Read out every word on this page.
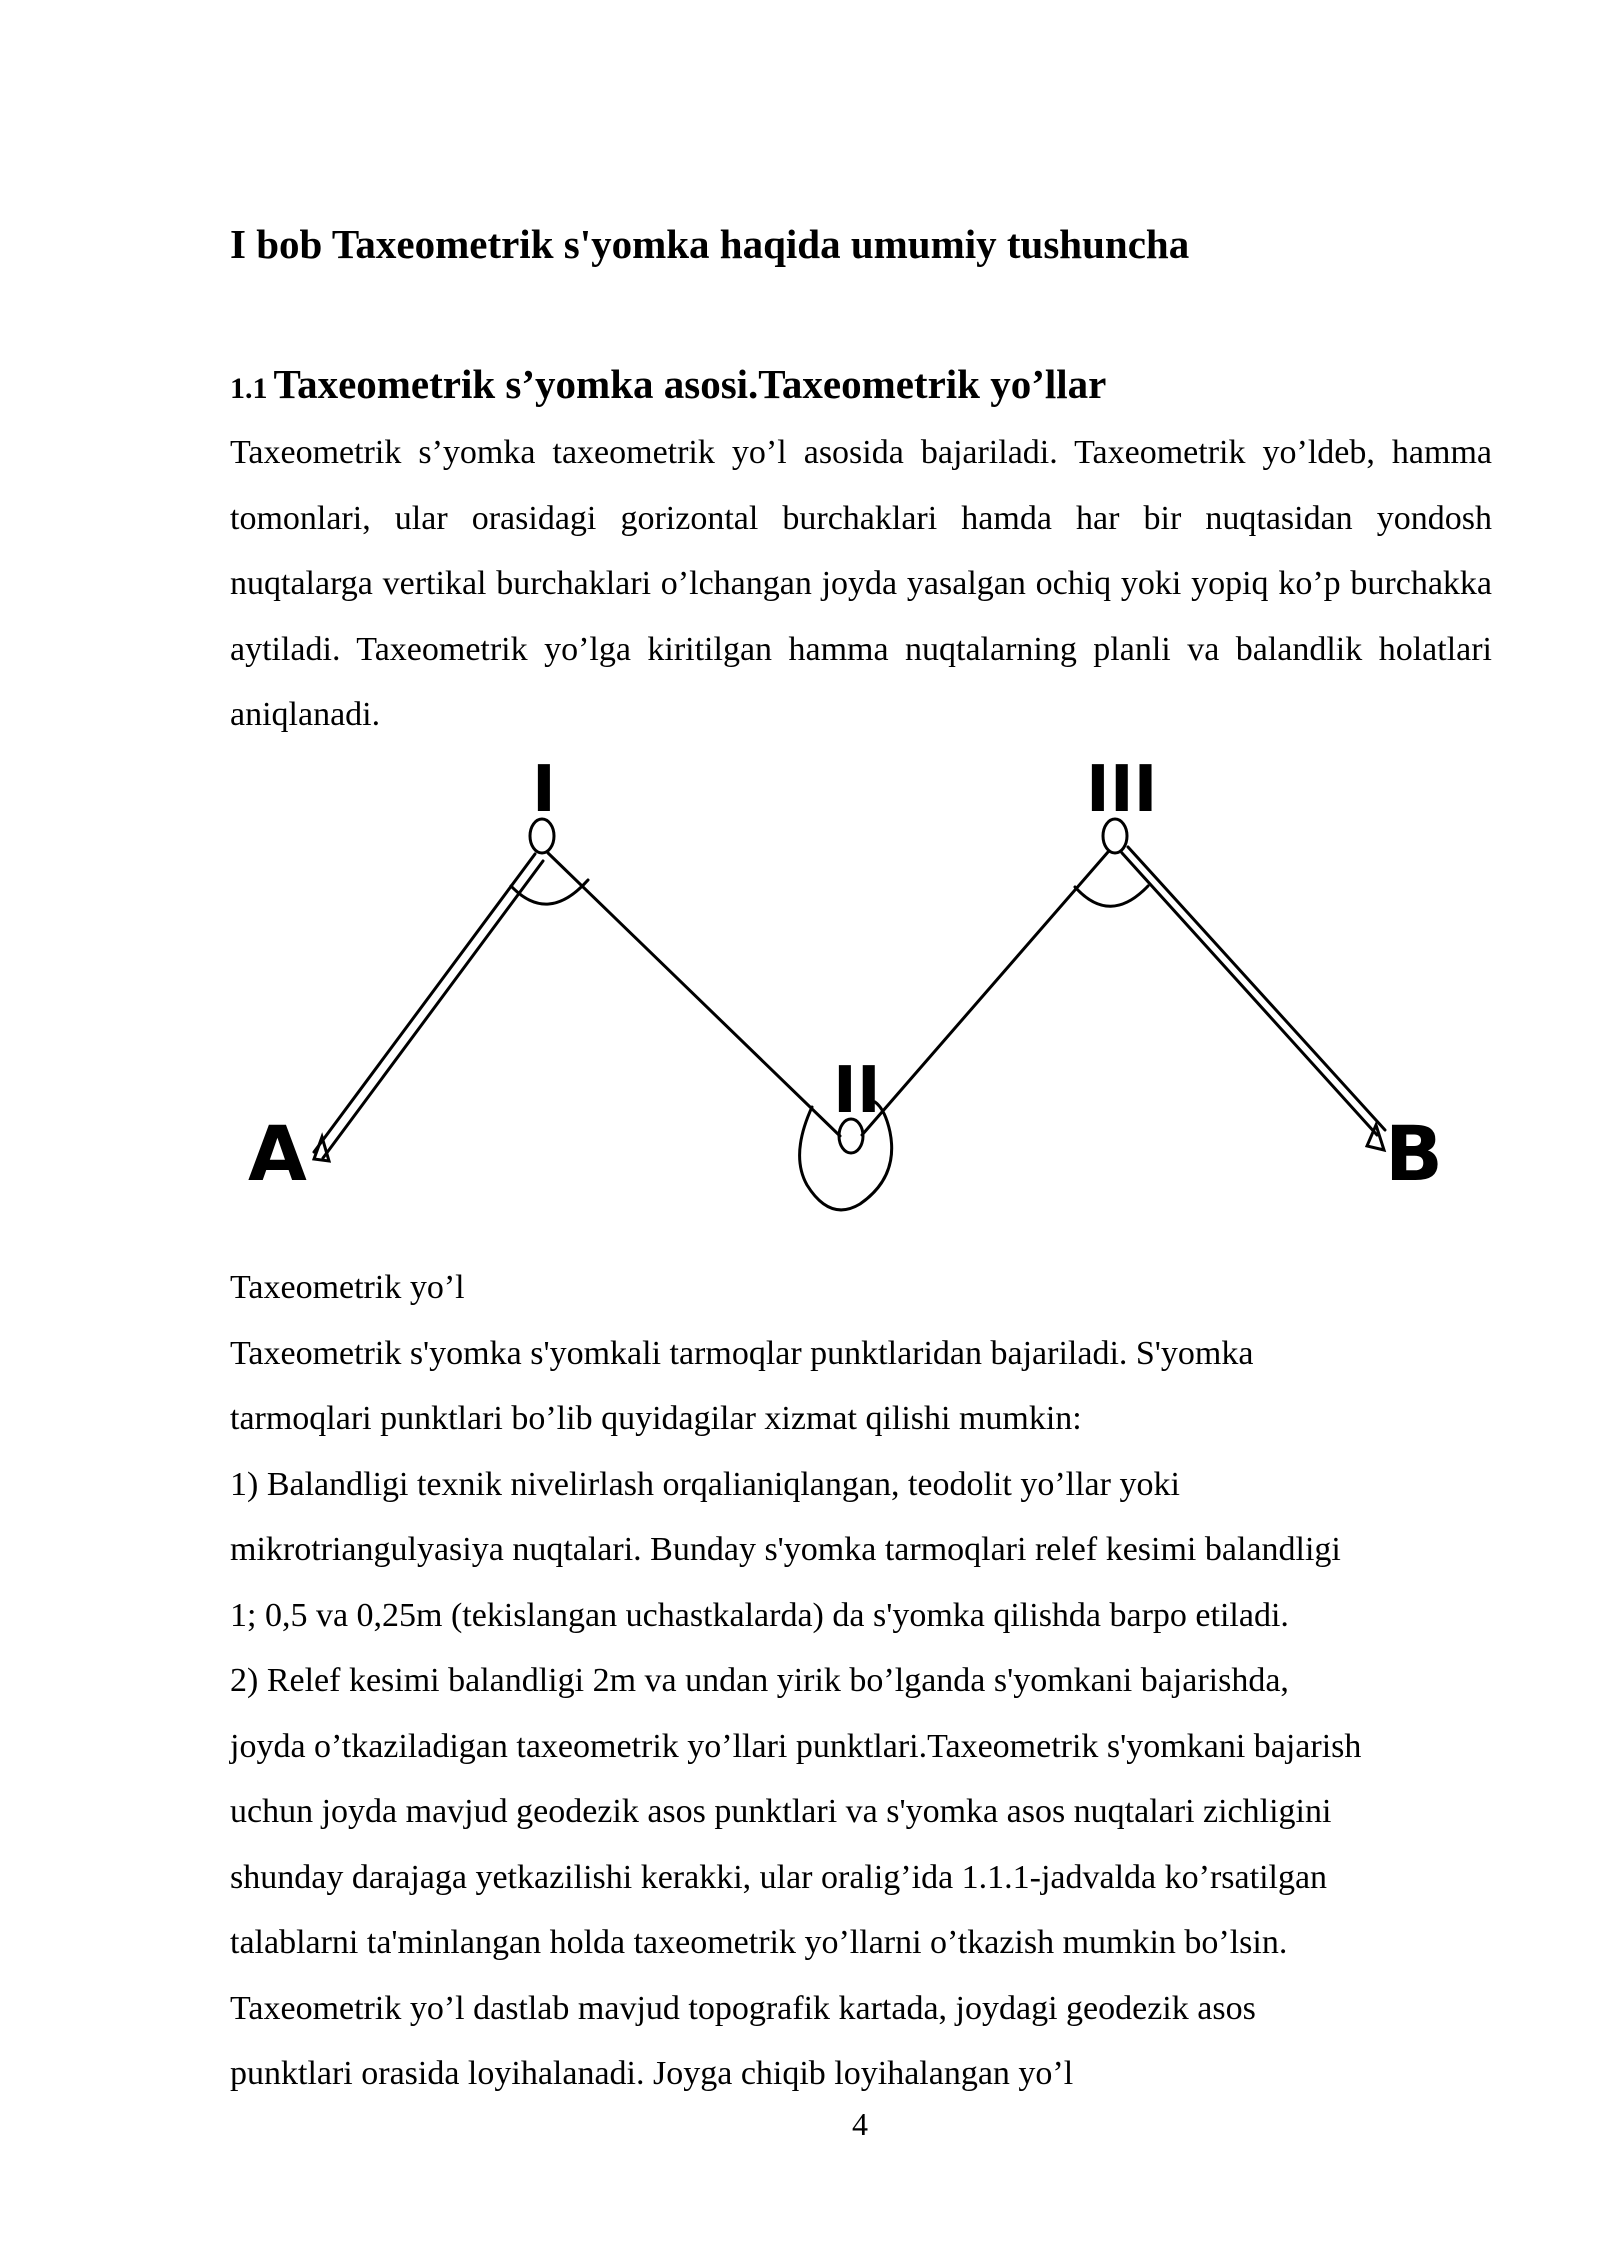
I bob Taxeometrik s'yomka haqida umumiy tushuncha
1.1 Taxeometrik s’yomka asosi.Taxeometrik yo’llar

Taxeometrik s’yomka taxeometrik yo’l asosida bajariladi. Taxeometrik yo’ldeb, hamma tomonlari, ular orasidagi gorizontal burchaklari hamda har bir nuqtasidan yondosh nuqtalarga vertikal burchaklari o’lchangan joyda yasalgan ochiq yoki yopiq ko’p burchakka aytiladi. Taxeometrik yo’lga kiritilgan hamma nuqtalarning planli va balandlik holatlari aniqlanadi.

A	B
I
II
III
Taxeometrik yo’l
Taxeometrik s'yomka s'yomkali tarmoqlar punktlaridan bajariladi. S'yomka
tarmoqlari punktlari bo’lib quyidagilar xizmat qilishi mumkin:
1) Balandligi texnik nivelirlash orqalianiqlangan, teodolit yo’llar yoki
mikrotriangulyasiya nuqtalari. Bunday s'yomka tarmoqlari relef kesimi balandligi
1; 0,5 va 0,25m (tekislangan uchastkalarda) da s'yomka qilishda barpo etiladi.
2) Relef kesimi balandligi 2m va undan yirik bo’lganda s'yomkani bajarishda,
joyda o’tkaziladigan taxeometrik yo’llari punktlari.Taxeometrik s'yomkani bajarish
uchun joyda mavjud geodezik asos punktlari va s'yomka asos nuqtalari zichligini
shunday darajaga yetkazilishi kerakki, ular oralig’ida 1.1.1-jadvalda ko’rsatilgan
talablarni ta'minlangan holda taxeometrik yo’llarni o’tkazish mumkin bo’lsin.
Taxeometrik yo’l dastlab mavjud topografik kartada, joydagi geodezik asos
punktlari orasida loyihalanadi. Joyga chiqib loyihalangan yo’l
4
